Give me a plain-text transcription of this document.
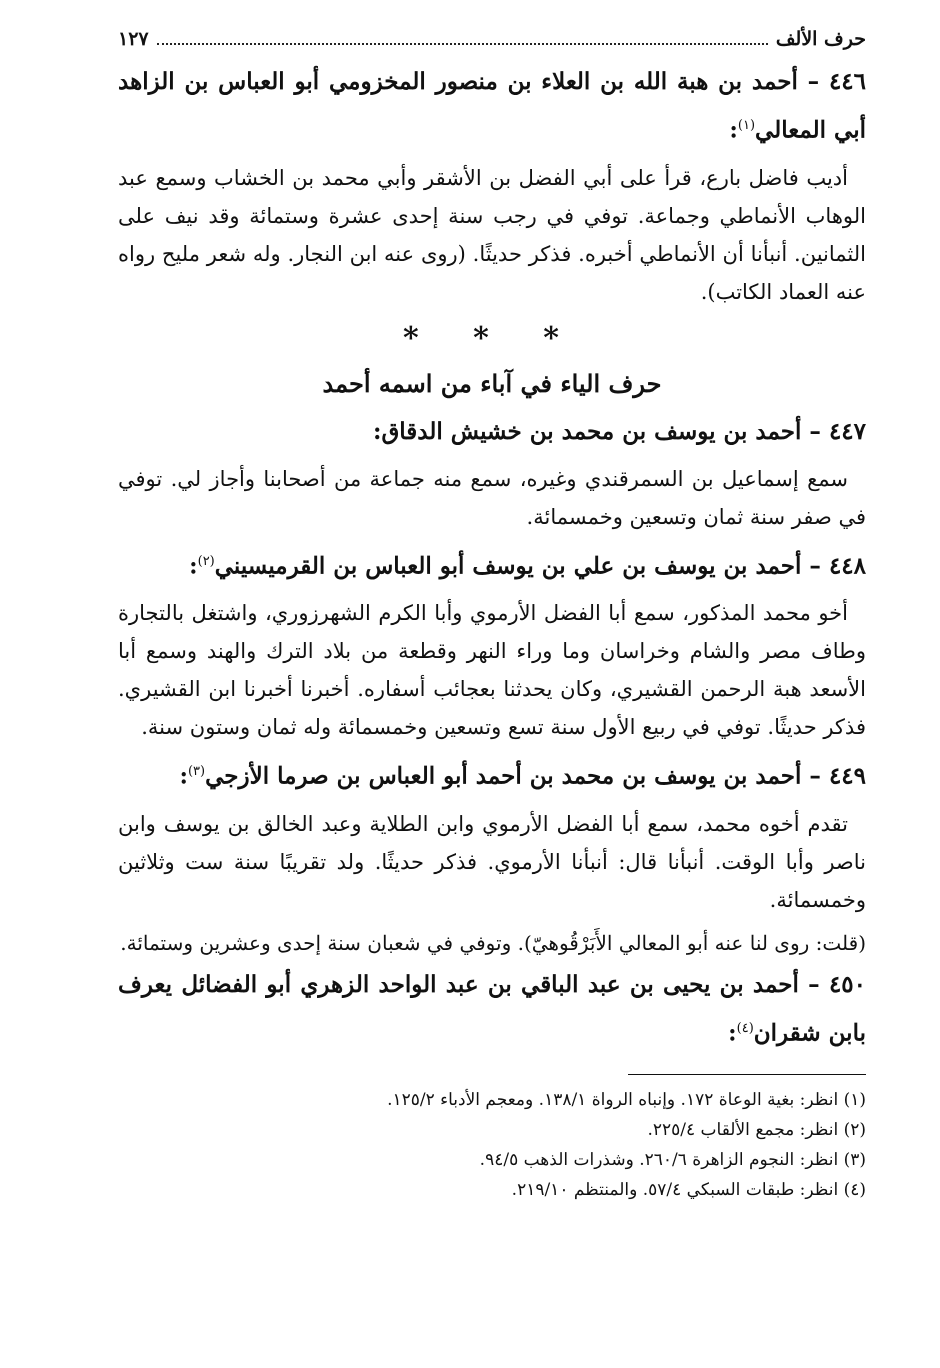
حرف الألف
١٢٧
٤٤٦ – أحمد بن هبة الله بن العلاء بن منصور المخزومي أبو العباس بن الزاهد أبي المعالي$^{(١)}$:
أديب فاضل بارع، قرأ على أبي الفضل بن الأشقر وأبي محمد بن الخشاب وسمع عبد الوهاب الأنماطي وجماعة. توفي في رجب سنة إحدى عشرة وستمائة وقد نيف على الثمانين. أنبأنا أن الأنماطي أخبره. فذكر حديثًا. (روى عنه ابن النجار. وله شعر مليح رواه عنه العماد الكاتب).
* * *
حرف الياء في آباء من اسمه أحمد
٤٤٧ – أحمد بن يوسف بن محمد بن خشيش الدقاق:
سمع إسماعيل بن السمرقندي وغيره، سمع منه جماعة من أصحابنا وأجاز لي. توفي في صفر سنة ثمان وتسعين وخمسمائة.
٤٤٨ – أحمد بن يوسف بن علي بن يوسف أبو العباس بن القرميسيني$^{(٢)}$:
أخو محمد المذكور، سمع أبا الفضل الأرموي وأبا الكرم الشهرزوري، واشتغل بالتجارة وطاف مصر والشام وخراسان وما وراء النهر وقطعة من بلاد الترك والهند وسمع أبا الأسعد هبة الرحمن القشيري، وكان يحدثنا بعجائب أسفاره. أخبرنا أخبرنا ابن القشيري. فذكر حديثًا. توفي في ربيع الأول سنة تسع وتسعين وخمسمائة وله ثمان وستون سنة.
٤٤٩ – أحمد بن يوسف بن محمد بن أحمد أبو العباس بن صرما الأزجي$^{(٣)}$:
تقدم أخوه محمد، سمع أبا الفضل الأرموي وابن الطلاية وعبد الخالق بن يوسف وابن ناصر وأبا الوقت. أنبأنا قال: أنبأنا الأرموي. فذكر حديثًا. ولد تقريبًا سنة ست وثلاثين وخمسمائة.
(قلت: روى لنا عنه أبو المعالي الأَبَرْقُوهيّ). وتوفي في شعبان سنة إحدى وعشرين وستمائة.
٤٥٠ – أحمد بن يحيى بن عبد الباقي بن عبد الواحد الزهري أبو الفضائل يعرف بابن شقران$^{(٤)}$:
(١) انظر: بغية الوعاة ١٧٢. وإنباه الرواة ١٣٨/١. ومعجم الأدباء ١٢٥/٢.
(٢) انظر: مجمع الألقاب ٢٢٥/٤.
(٣) انظر: النجوم الزاهرة ٢٦٠/٦. وشذرات الذهب ٩٤/٥.
(٤) انظر: طبقات السبكي ٥٧/٤. والمنتظم ٢١٩/١٠.
